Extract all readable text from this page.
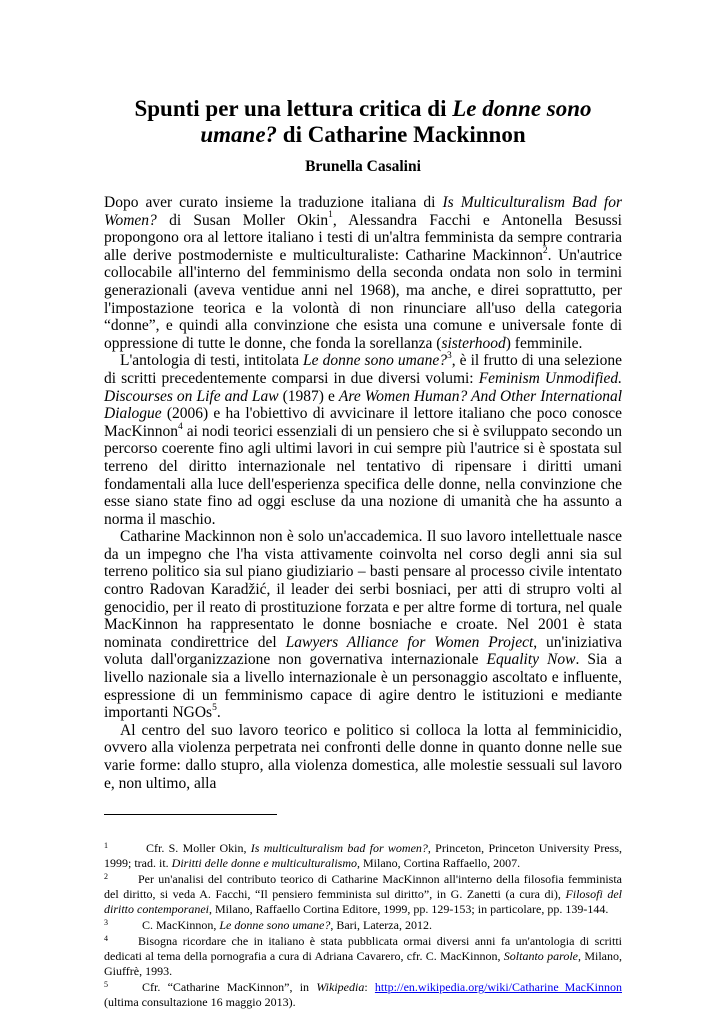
Spunti per una lettura critica di Le donne sono umane? di Catharine Mackinnon
Brunella Casalini

Dopo aver curato insieme la traduzione italiana di Is Multiculturalism Bad for Women? di Susan Moller Okin$^1$, Alessandra Facchi e Antonella Besussi propongono ora al lettore italiano i testi di un'altra femminista da sempre contraria alle derive postmoderniste e multiculturaliste: Catharine Mackinnon$^2$. Un'autrice collocabile all'interno del femminismo della seconda ondata non solo in termini generazionali (aveva ventidue anni nel 1968), ma anche, e direi soprattutto, per l'impostazione teorica e la volontà di non rinunciare all'uso della categoria “donne”, e quindi alla convinzione che esista una comune e universale fonte di oppressione di tutte le donne, che fonda la sorellanza (sisterhood) femminile.

L'antologia di testi, intitolata Le donne sono umane?$^3$, è il frutto di una selezione di scritti precedentemente comparsi in due diversi volumi: Feminism Unmodified. Discourses on Life and Law (1987) e Are Women Human? And Other International Dialogue (2006) e ha l'obiettivo di avvicinare il lettore italiano che poco conosce MacKinnon$^4$ ai nodi teorici essenziali di un pensiero che si è sviluppato secondo un percorso coerente fino agli ultimi lavori in cui sempre più l'autrice si è spostata sul terreno del diritto internazionale nel tentativo di ripensare i diritti umani fondamentali alla luce dell'esperienza specifica delle donne, nella convinzione che esse siano state fino ad oggi escluse da una nozione di umanità che ha assunto a norma il maschio.

Catharine Mackinnon non è solo un'accademica. Il suo lavoro intellettuale nasce da un impegno che l'ha vista attivamente coinvolta nel corso degli anni sia sul terreno politico sia sul piano giudiziario – basti pensare al processo civile intentato contro Radovan Karadžić, il leader dei serbi bosniaci, per atti di strupro volti al genocidio, per il reato di prostituzione forzata e per altre forme di tortura, nel quale MacKinnon ha rappresentato le donne bosniache e croate. Nel 2001 è stata nominata condirettrice del Lawyers Alliance for Women Project, un'iniziativa voluta dall'organizzazione non governativa internazionale Equality Now. Sia a livello nazionale sia a livello internazionale è un personaggio ascoltato e influente, espressione di un femminismo capace di agire dentro le istituzioni e mediante importanti NGOs$^5$.

Al centro del suo lavoro teorico e politico si colloca la lotta al femminicidio, ovvero alla violenza perpetrata nei confronti delle donne in quanto donne nelle sue varie forme: dallo stupro, alla violenza domestica, alle molestie sessuali sul lavoro e, non ultimo, alla

1	Cfr. S. Moller Okin, Is multiculturalism bad for women?, Princeton, Princeton University Press, 1999; trad. it. Diritti delle donne e multiculturalismo, Milano, Cortina Raffaello, 2007.

2	Per un'analisi del contributo teorico di Catharine MacKinnon all'interno della filosofia femminista del diritto, si veda A. Facchi, “Il pensiero femminista sul diritto”, in G. Zanetti (a cura di), Filosofi del diritto contemporanei, Milano, Raffaello Cortina Editore, 1999, pp. 129-153; in particolare, pp. 139-144.

3	C. MacKinnon, Le donne sono umane?, Bari, Laterza, 2012.

4	Bisogna ricordare che in italiano è stata pubblicata ormai diversi anni fa un'antologia di scritti dedicati al tema della pornografia a cura di Adriana Cavarero, cfr. C. MacKinnon, Soltanto parole, Milano, Giuffrè, 1993.

5	Cfr. “Catharine MacKinnon”, in Wikipedia: http://en.wikipedia.org/wiki/Catharine_MacKinnon (ultima consultazione 16 maggio 2013).
